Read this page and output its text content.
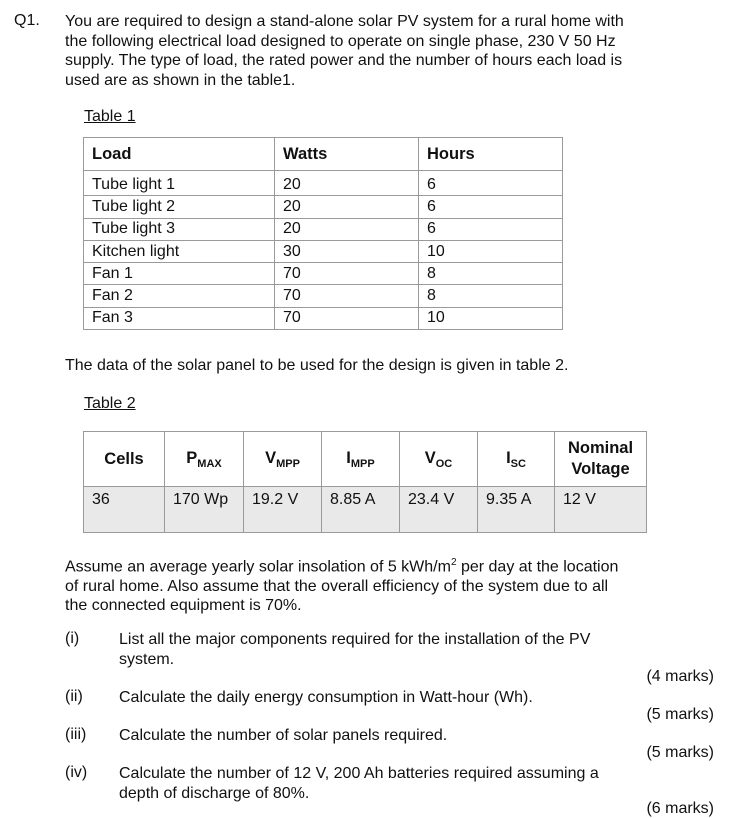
Q1. You are required to design a stand-alone solar PV system for a rural home with the following electrical load designed to operate on single phase, 230 V 50 Hz supply. The type of load, the rated power and the number of hours each load is used are as shown in the table1.
Table 1
Load	Watts	Hours
Tube light 1	20	6
Tube light 2	20	6
Tube light 3	20	6
Kitchen light	30	10
Fan 1	70	8
Fan 2	70	8
Fan 3	70	10
The data of the solar panel to be used for the design is given in table 2.
Table 2
Cells	$P_{MAX}$	$V_{MPP}$	$I_{MPP}$	$V_{OC}$	$I_{SC}$	Nominal
Voltage
36	170 Wp	19.2 V	8.85 A	23.4 V	9.35 A	12 V
Assume an average yearly solar insolation of 5 kWh/$m^2$ per day at the location of rural home. Also assume that the overall efficiency of the system due to all the connected equipment is 70%.
(i) List all the major components required for the installation of the PV system.
(4 marks)
(ii) Calculate the daily energy consumption in Watt-hour (Wh).
(5 marks)
(iii) Calculate the number of solar panels required.
(5 marks)
(iv) Calculate the number of 12 V, 200 Ah batteries required assuming a depth of discharge of 80%.
(6 marks)
